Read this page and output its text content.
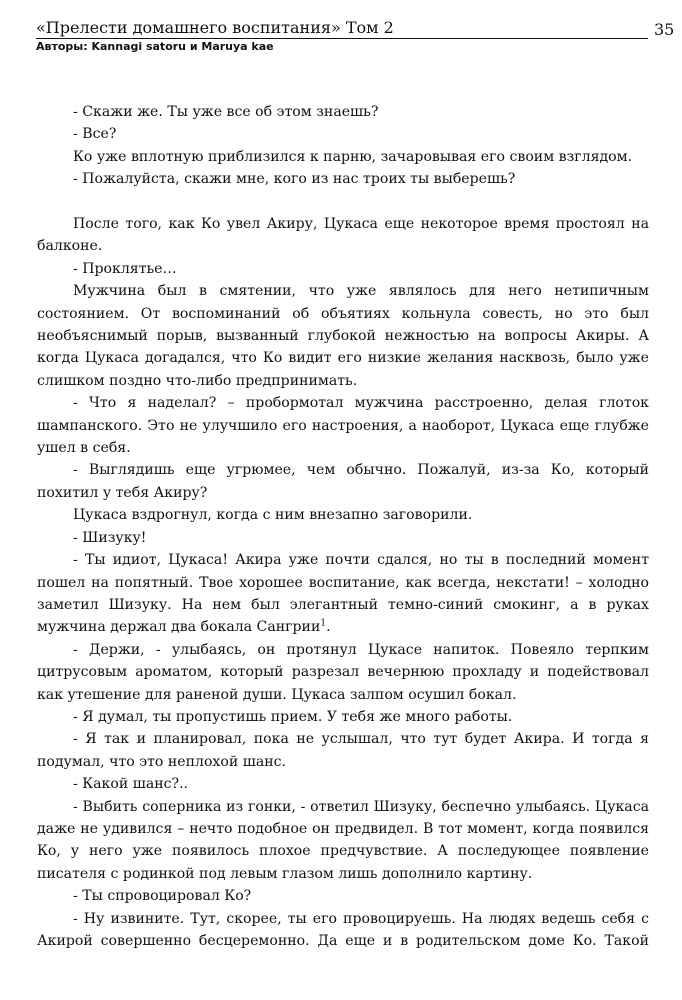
«Прелести домашнего воспитания» Том 2
Авторы: Kannagi satoru и Maruya kae
35

- Скажи же. Ты уже все об этом знаешь?

- Все?

Ко уже вплотную приблизился к парню, зачаровывая его своим взглядом.

- Пожалуйста, скажи мне, кого из нас троих ты выберешь?

После того, как Ко увел Акиру, Цукаса еще некоторое время простоял на балконе.

- Проклятье…

Мужчина был в смятении, что уже являлось для него нетипичным состоянием. От воспоминаний об объятиях кольнула совесть, но это был необъяснимый порыв, вызванный глубокой нежностью на вопросы Акиры. А когда Цукаса догадался, что Ко видит его низкие желания насквозь, было уже слишком поздно что-либо предпринимать.

- Что я наделал? – пробормотал мужчина расстроенно, делая глоток шампанского. Это не улучшило его настроения, а наоборот, Цукаса еще глубже ушел в себя.

- Выглядишь еще угрюмее, чем обычно. Пожалуй, из-за Ко, который похитил у тебя Акиру?

Цукаса вздрогнул, когда с ним внезапно заговорили.

- Шизуку!

- Ты идиот, Цукаса! Акира уже почти сдался, но ты в последний момент пошел на попятный. Твое хорошее воспитание, как всегда, некстати! – холодно заметил Шизуку. На нем был элегантный темно-синий смокинг, а в руках мужчина держал два бокала Сангрии$^1$.

- Держи, - улыбаясь, он протянул Цукасе напиток. Повеяло терпким цитрусовым ароматом, который разрезал вечернюю прохладу и подействовал как утешение для раненой души. Цукаса залпом осушил бокал.

- Я думал, ты пропустишь прием. У тебя же много работы.

- Я так и планировал, пока не услышал, что тут будет Акира. И тогда я подумал, что это неплохой шанс.

- Какой шанс?..

- Выбить соперника из гонки, - ответил Шизуку, беспечно улыбаясь. Цукаса даже не удивился – нечто подобное он предвидел. В тот момент, когда появился Ко, у него уже появилось плохое предчувствие. А последующее появление писателя с родинкой под левым глазом лишь дополнило картину.

- Ты спровоцировал Ко?

- Ну извините. Тут, скорее, ты его провоцируешь. На людях ведешь себя с Акирой совершенно бесцеремонно. Да еще и в родительском доме Ко. Такой
